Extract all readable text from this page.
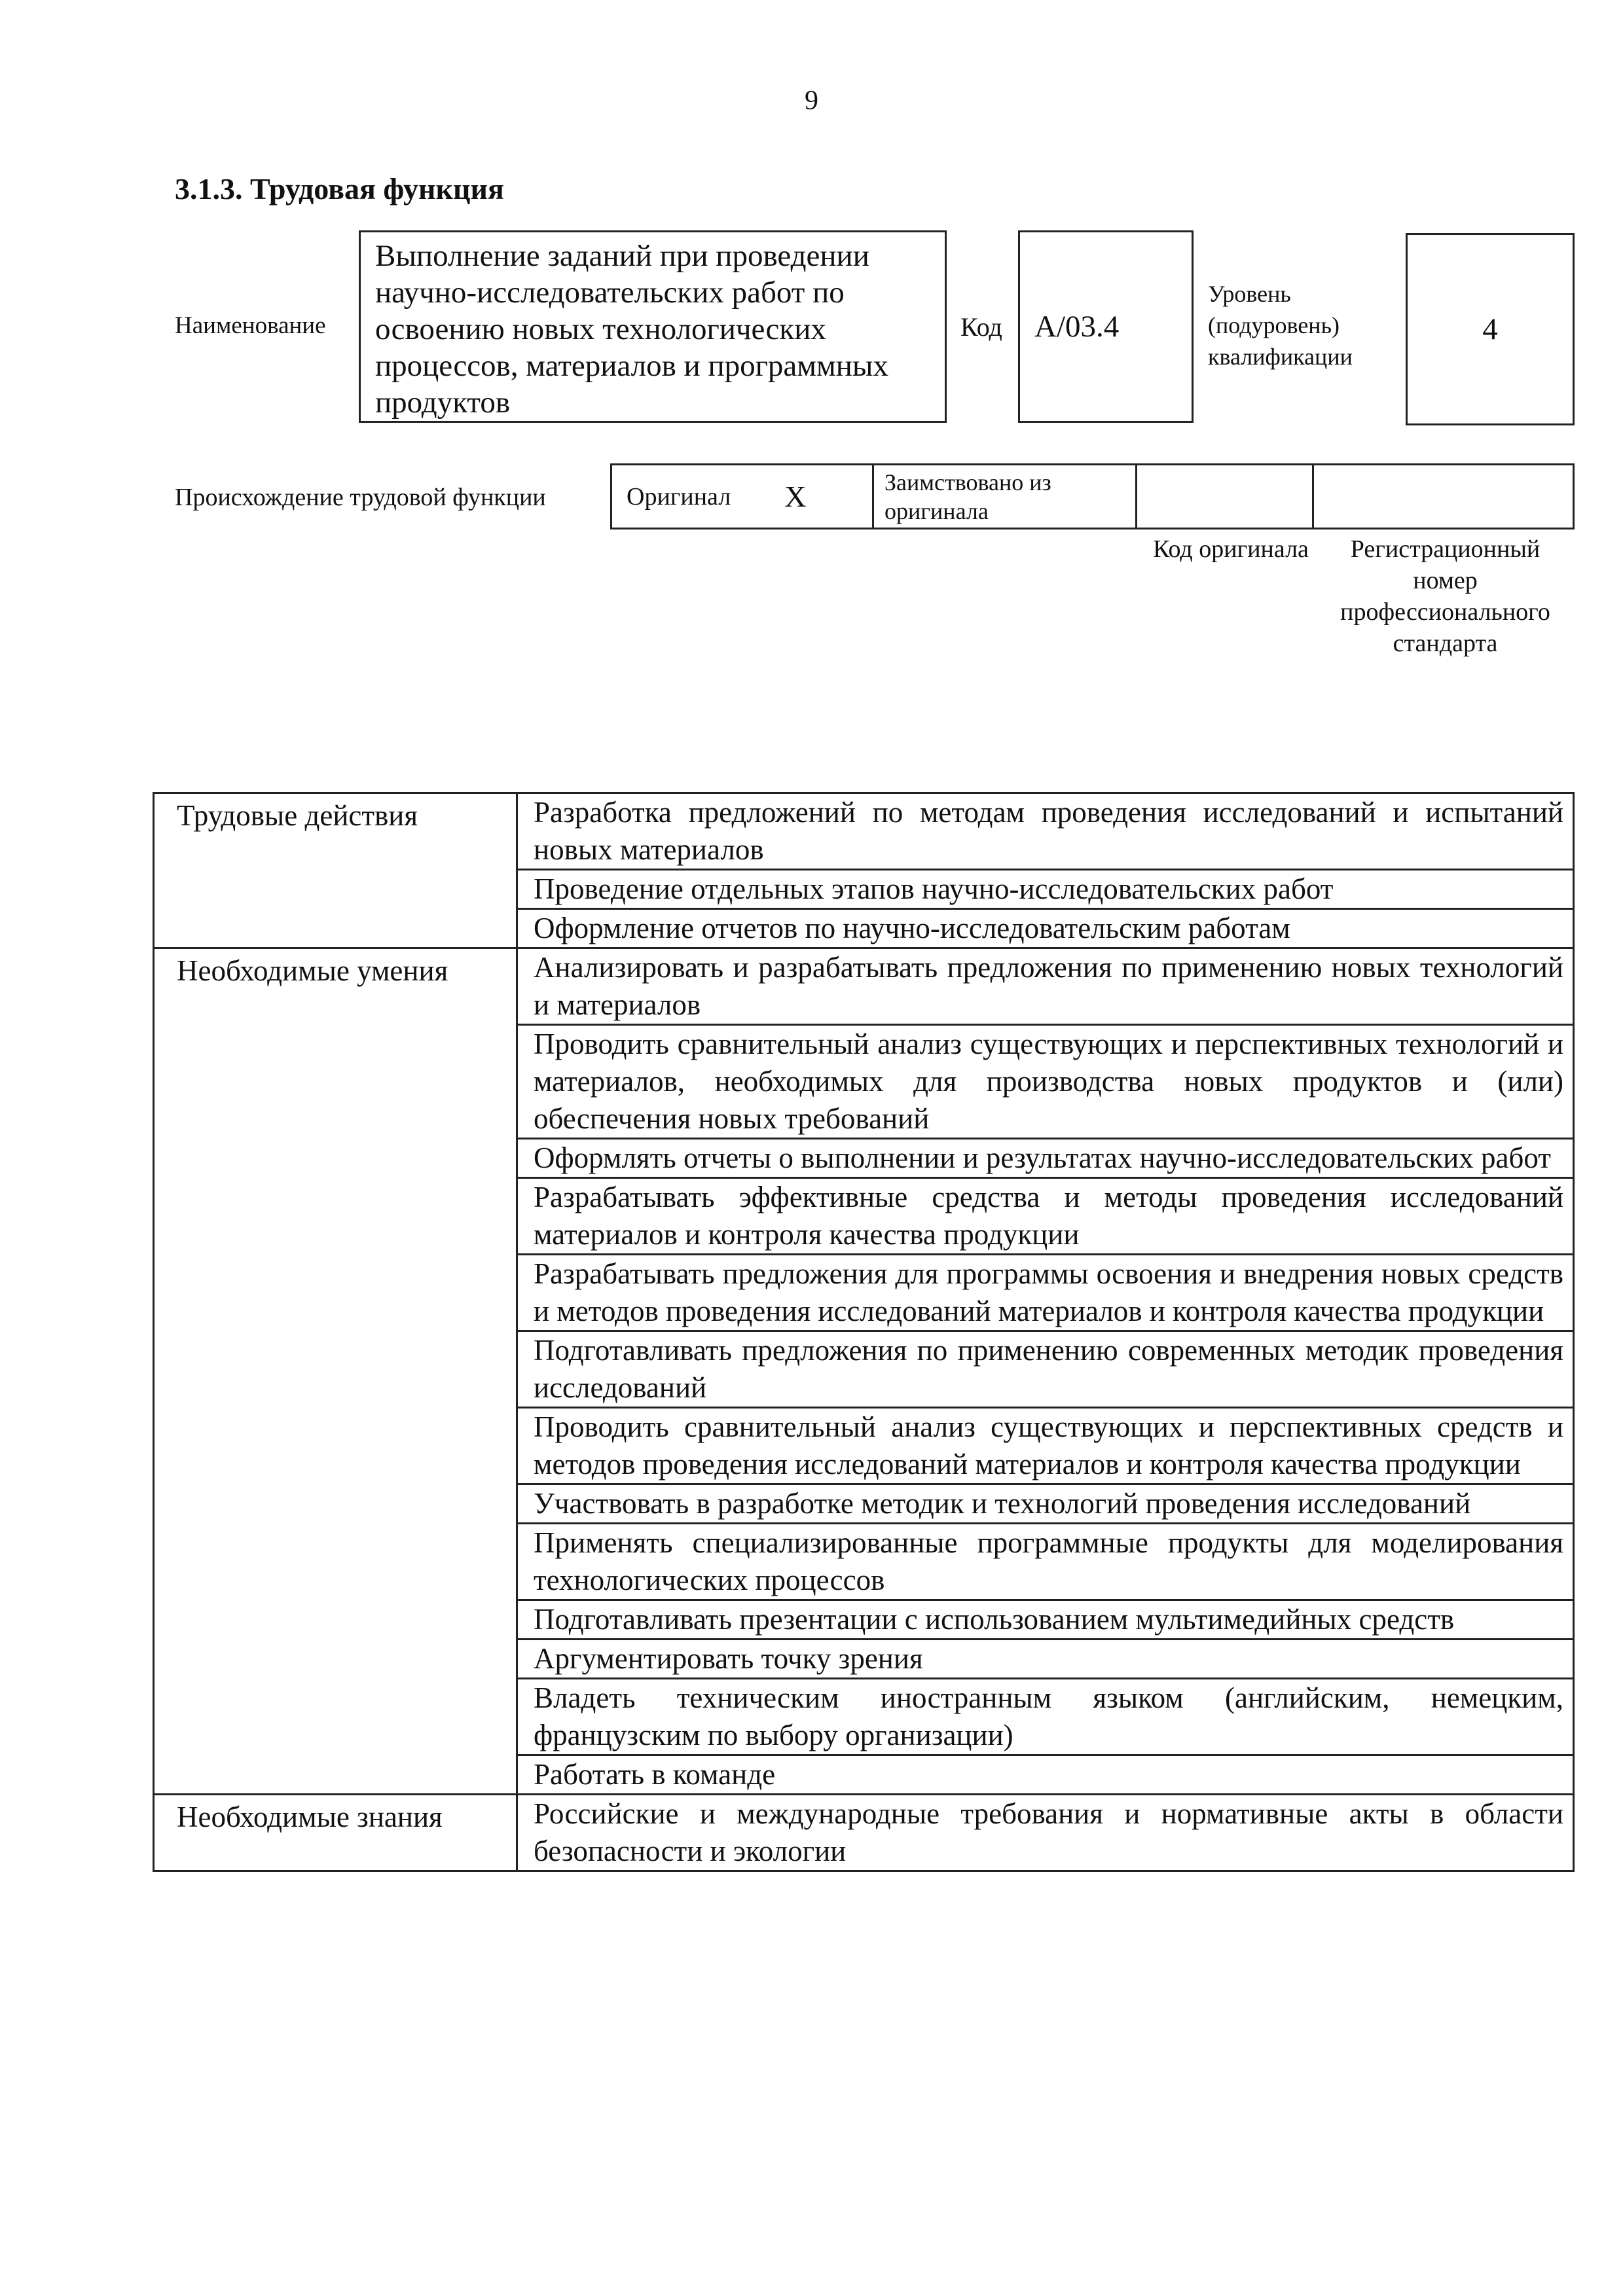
9
3.1.3. Трудовая функция
Наименование
Выполнение заданий при проведении научно-исследовательских работ по освоению новых технологических процессов, материалов и программных продуктов
Код A/03.4
Уровень (подуровень) квалификации
4
Происхождение трудовой функции	Оригинал X	Заимствовано из оригинала
Код оригинала	Регистрационный номер профессионального стандарта
Трудовые действия	Разработка предложений по методам проведения исследований и испытаний новых материалов
Проведение отдельных этапов научно-исследовательских работ
Оформление отчетов по научно-исследовательским работам
Необходимые умения	Анализировать и разрабатывать предложения по применению новых технологий и материалов
Проводить сравнительный анализ существующих и перспективных технологий и материалов, необходимых для производства новых продуктов и (или) обеспечения новых требований
Оформлять отчеты о выполнении и результатах научно-исследовательских работ
Разрабатывать эффективные средства и методы проведения исследований материалов и контроля качества продукции
Разрабатывать предложения для программы освоения и внедрения новых средств и методов проведения исследований материалов и контроля качества продукции
Подготавливать предложения по применению современных методик проведения исследований
Проводить сравнительный анализ существующих и перспективных средств и методов проведения исследований материалов и контроля качества продукции
Участвовать в разработке методик и технологий проведения исследований
Применять специализированные программные продукты для моделирования технологических процессов
Подготавливать презентации с использованием мультимедийных средств
Аргументировать точку зрения
Владеть техническим иностранным языком (английским, немецким, французским по выбору организации)
Работать в команде
Необходимые знания	Российские и международные требования и нормативные акты в области безопасности и экологии
